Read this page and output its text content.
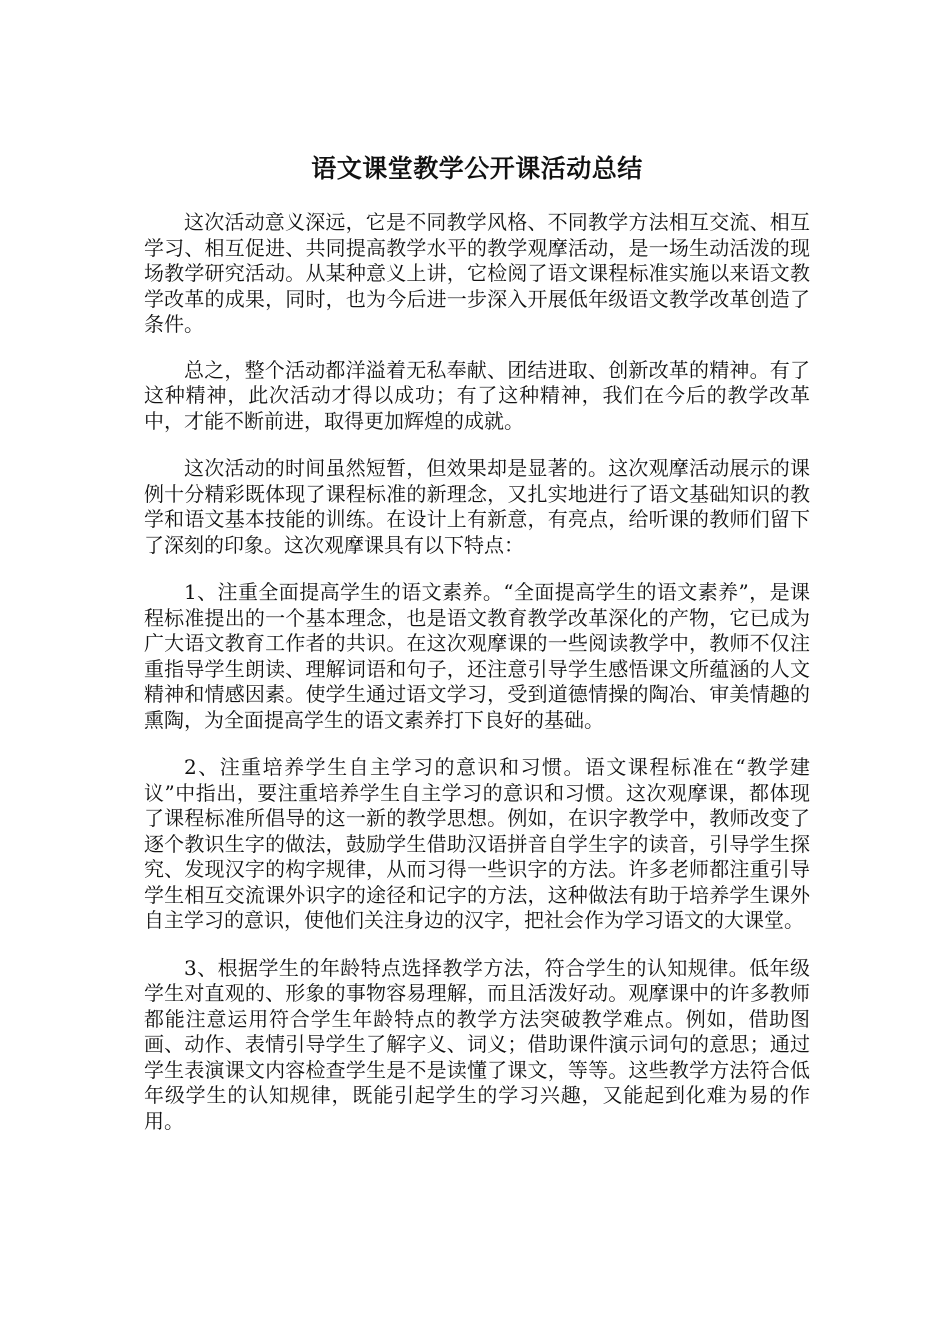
语文课堂教学公开课活动总结

这次活动意义深远，它是不同教学风格、不同教学方法相互交流、相互学习、相互促进、共同提高教学水平的教学观摩活动，是一场生动活泼的现场教学研究活动。从某种意义上讲，它检阅了语文课程标准实施以来语文教学改革的成果，同时，也为今后进一步深入开展低年级语文教学改革创造了条件。

总之，整个活动都洋溢着无私奉献、团结进取、创新改革的精神。有了这种精神，此次活动才得以成功；有了这种精神，我们在今后的教学改革中，才能不断前进，取得更加辉煌的成就。

这次活动的时间虽然短暂，但效果却是显著的。这次观摩活动展示的课例十分精彩既体现了课程标准的新理念，又扎实地进行了语文基础知识的教学和语文基本技能的训练。在设计上有新意，有亮点，给听课的教师们留下了深刻的印象。这次观摩课具有以下特点：

1、注重全面提高学生的语文素养。“全面提高学生的语文素养”，是课程标准提出的一个基本理念，也是语文教育教学改革深化的产物，它已成为广大语文教育工作者的共识。在这次观摩课的一些阅读教学中，教师不仅注重指导学生朗读、理解词语和句子，还注意引导学生感悟课文所蕴涵的人文精神和情感因素。使学生通过语文学习，受到道德情操的陶冶、审美情趣的熏陶，为全面提高学生的语文素养打下良好的基础。

2、注重培养学生自主学习的意识和习惯。语文课程标准在“教学建议”中指出，要注重培养学生自主学习的意识和习惯。这次观摩课，都体现了课程标准所倡导的这一新的教学思想。例如，在识字教学中，教师改变了逐个教识生字的做法，鼓励学生借助汉语拼音自学生字的读音，引导学生探究、发现汉字的构字规律，从而习得一些识字的方法。许多老师都注重引导学生相互交流课外识字的途径和记字的方法，这种做法有助于培养学生课外自主学习的意识，使他们关注身边的汉字，把社会作为学习语文的大课堂。

3、根据学生的年龄特点选择教学方法，符合学生的认知规律。低年级学生对直观的、形象的事物容易理解，而且活泼好动。观摩课中的许多教师都能注意运用符合学生年龄特点的教学方法突破教学难点。例如，借助图画、动作、表情引导学生了解字义、词义；借助课件演示词句的意思；通过学生表演课文内容检查学生是不是读懂了课文，等等。这些教学方法符合低年级学生的认知规律，既能引起学生的学习兴趣，又能起到化难为易的作用。
